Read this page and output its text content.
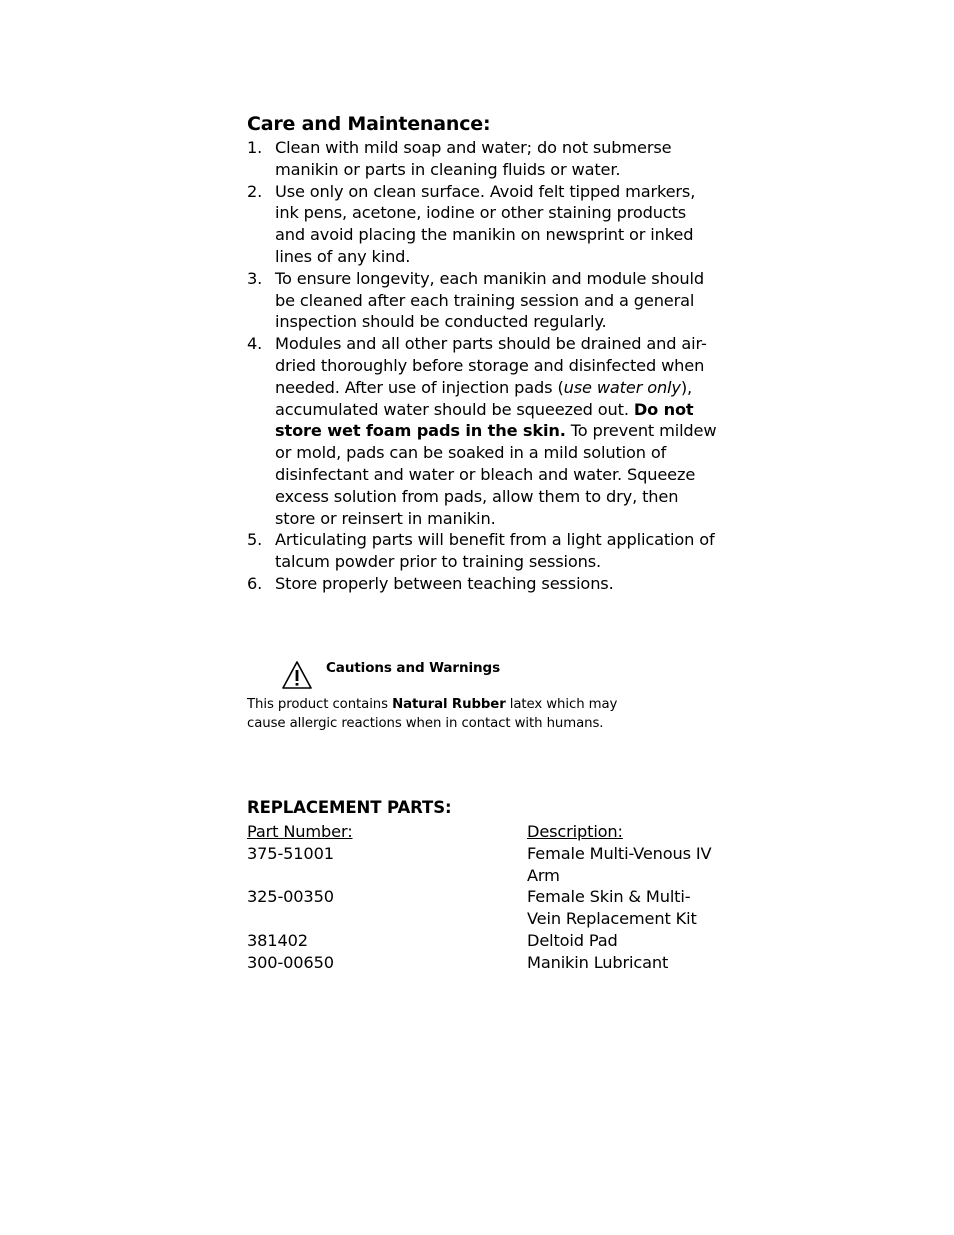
Care and Maintenance:
1. Clean with mild soap and water; do not submerse manikin or parts in cleaning fluids or water.
2. Use only on clean surface. Avoid felt tipped markers, ink pens, acetone, iodine or other staining products and avoid placing the manikin on newsprint or inked lines of any kind.
3. To ensure longevity, each manikin and module should be cleaned after each training session and a general inspection should be conducted regularly.
4. Modules and all other parts should be drained and air-dried thoroughly before storage and disinfected when needed. After use of injection pads (use water only), accumulated water should be squeezed out. Do not store wet foam pads in the skin. To prevent mildew or mold, pads can be soaked in a mild solution of disinfectant and water or bleach and water. Squeeze excess solution from pads, allow them to dry, then store or reinsert in manikin.
5. Articulating parts will benefit from a light application of talcum powder prior to training sessions.
6. Store properly between teaching sessions.
Cautions and Warnings
This product contains Natural Rubber latex which may cause allergic reactions when in contact with humans.
REPLACEMENT PARTS:
Part Number:	Description:
375-51001	Female Multi-Venous IV Arm
325-00350	Female Skin & Multi-Vein Replacement Kit
381402	Deltoid Pad
300-00650	Manikin Lubricant
